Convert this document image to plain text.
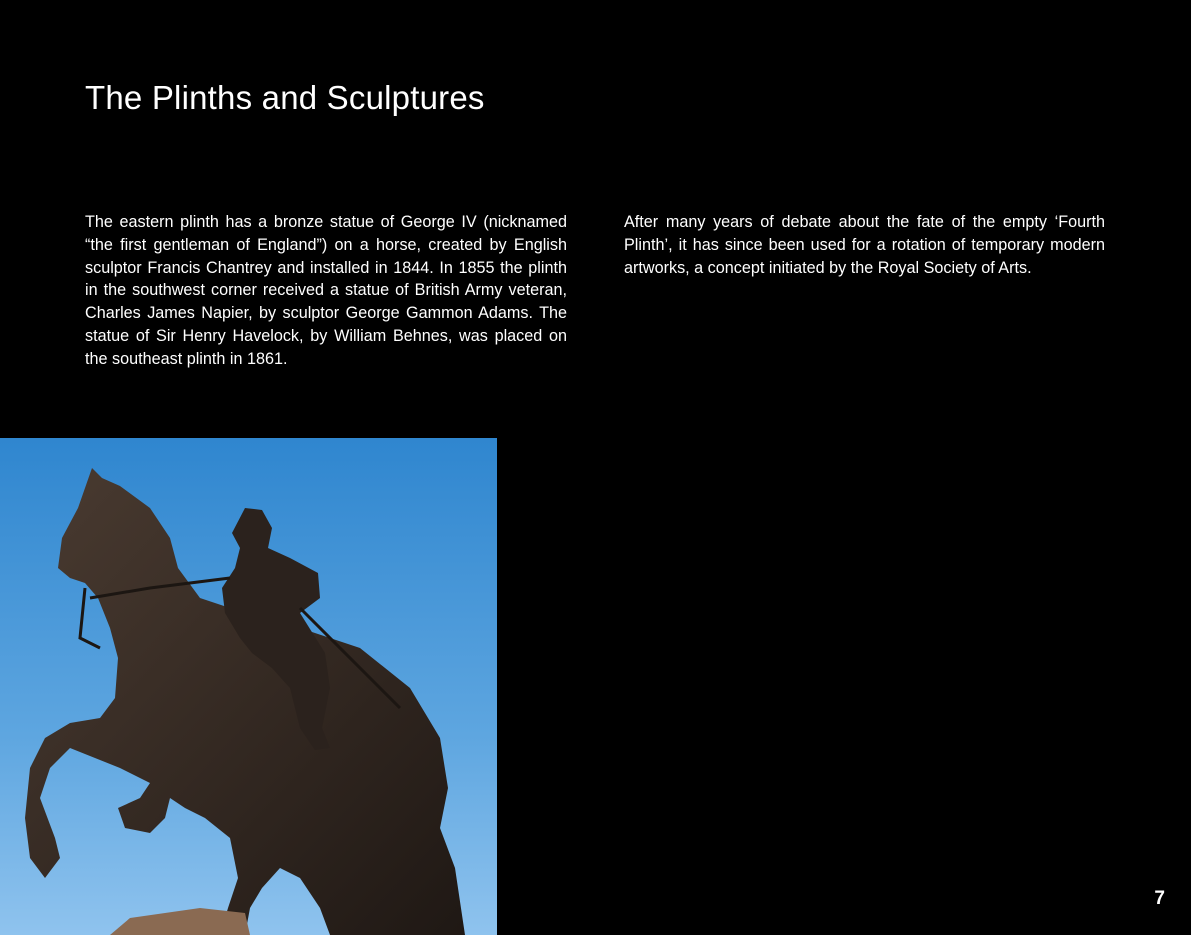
The Plinths and Sculptures

The eastern plinth has a bronze statue of George IV (nicknamed “the first gentleman of England”) on a horse, created by English sculptor Francis Chantrey and installed in 1844. In 1855 the plinth in the southwest corner received a statue of British Army veteran, Charles James Napier, by sculptor George Gammon Adams. The statue of Sir Henry Havelock, by William Behnes, was placed on the southeast plinth in 1861.

After many years of debate about the fate of the empty ‘Fourth Plinth’, it has since been used for a rotation of temporary modern artworks, a concept initiated by the Royal Society of Arts.

7
